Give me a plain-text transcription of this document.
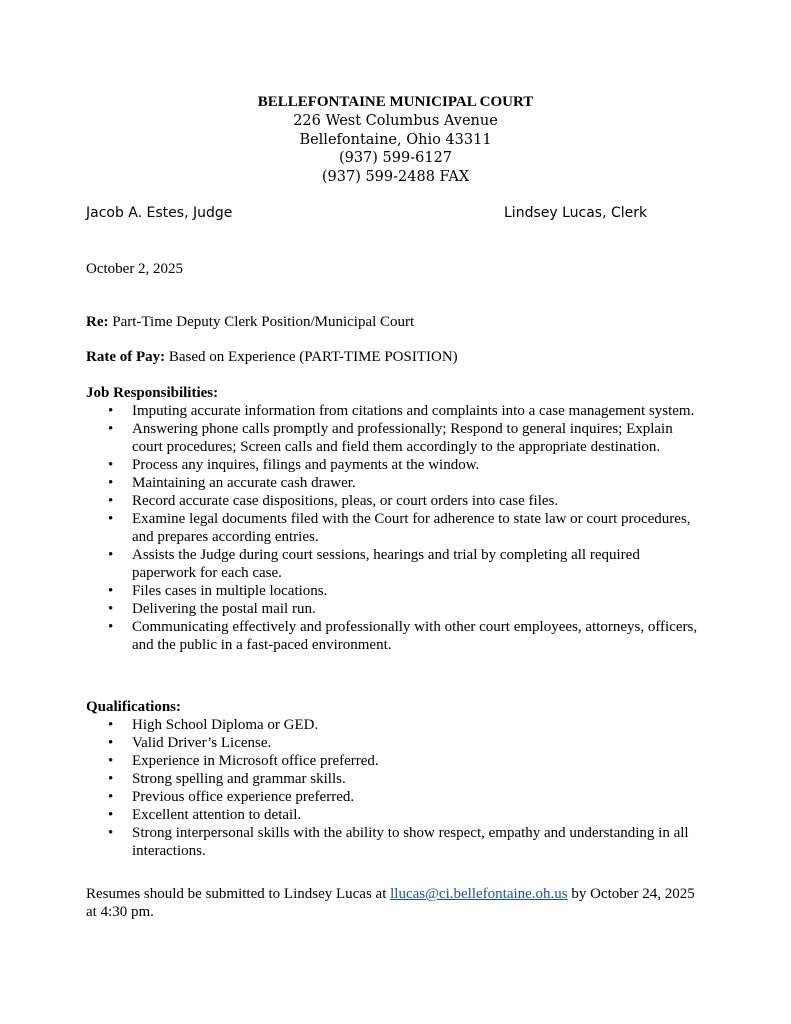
BELLEFONTAINE MUNICIPAL COURT
226 West Columbus Avenue
Bellefontaine, Ohio 43311
(937) 599-6127
(937) 599-2488 FAX
Jacob A. Estes, Judge	Lindsey Lucas, Clerk
October 2, 2025
Re: Part-Time Deputy Clerk Position/Municipal Court
Rate of Pay: Based on Experience (PART-TIME POSITION)
Job Responsibilities:
• Imputing accurate information from citations and complaints into a case management system.
• Answering phone calls promptly and professionally; Respond to general inquires; Explain court procedures; Screen calls and field them accordingly to the appropriate destination.
• Process any inquires, filings and payments at the window.
• Maintaining an accurate cash drawer.
• Record accurate case dispositions, pleas, or court orders into case files.
• Examine legal documents filed with the Court for adherence to state law or court procedures, and prepares according entries.
• Assists the Judge during court sessions, hearings and trial by completing all required paperwork for each case.
• Files cases in multiple locations.
• Delivering the postal mail run.
• Communicating effectively and professionally with other court employees, attorneys, officers, and the public in a fast-paced environment.
Qualifications:
• High School Diploma or GED.
• Valid Driver’s License.
• Experience in Microsoft office preferred.
• Strong spelling and grammar skills.
• Previous office experience preferred.
• Excellent attention to detail.
• Strong interpersonal skills with the ability to show respect, empathy and understanding in all interactions.
Resumes should be submitted to Lindsey Lucas at llucas@ci.bellefontaine.oh.us by October 24, 2025 at 4:30 pm.
